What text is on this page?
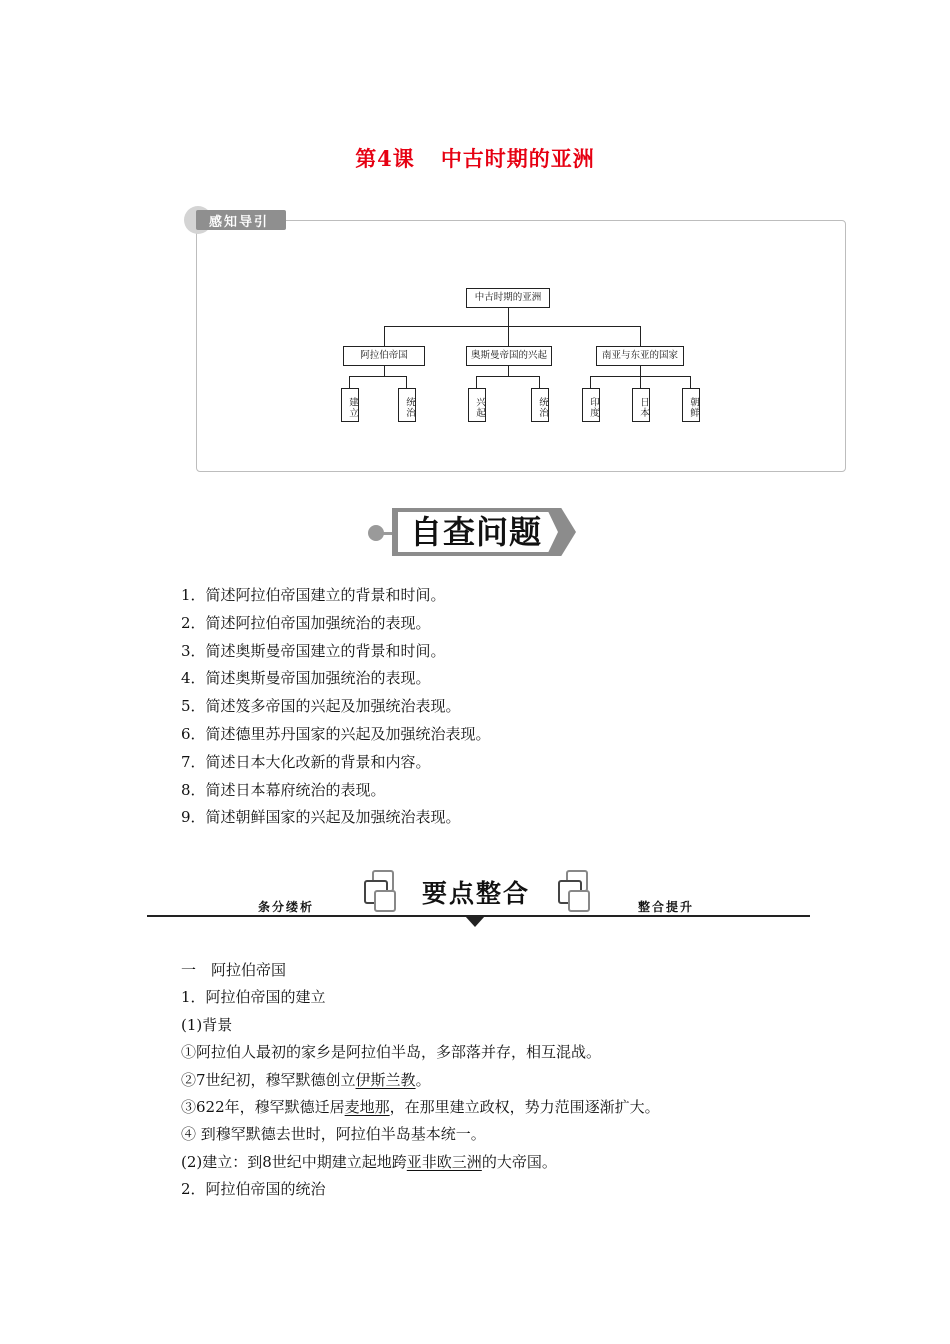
第4课 中古时期的亚洲
感知导引
中古时期的亚洲
阿拉伯帝国	奥斯曼帝国的兴起	南亚与东亚的国家
建立	统治	兴起	统治	印度	日本	朝鲜
自查问题
1．简述阿拉伯帝国建立的背景和时间。
2．简述阿拉伯帝国加强统治的表现。
3．简述奥斯曼帝国建立的背景和时间。
4．简述奥斯曼帝国加强统治的表现。
5．简述笈多帝国的兴起及加强统治表现。
6．简述德里苏丹国家的兴起及加强统治表现。
7．简述日本大化改新的背景和内容。
8．简述日本幕府统治的表现。
9．简述朝鲜国家的兴起及加强统治表现。
条分缕析	要点整合	整合提升
一　阿拉伯帝国
1．阿拉伯帝国的建立
(1)背景
①阿拉伯人最初的家乡是阿拉伯半岛，多部落并存，相互混战。
②7世纪初，穆罕默德创立伊斯兰教。
③622年，穆罕默德迁居麦地那，在那里建立政权，势力范围逐渐扩大。
④ 到穆罕默德去世时，阿拉伯半岛基本统一。
(2)建立：到8世纪中期建立起地跨亚非欧三洲的大帝国。
2．阿拉伯帝国的统治
